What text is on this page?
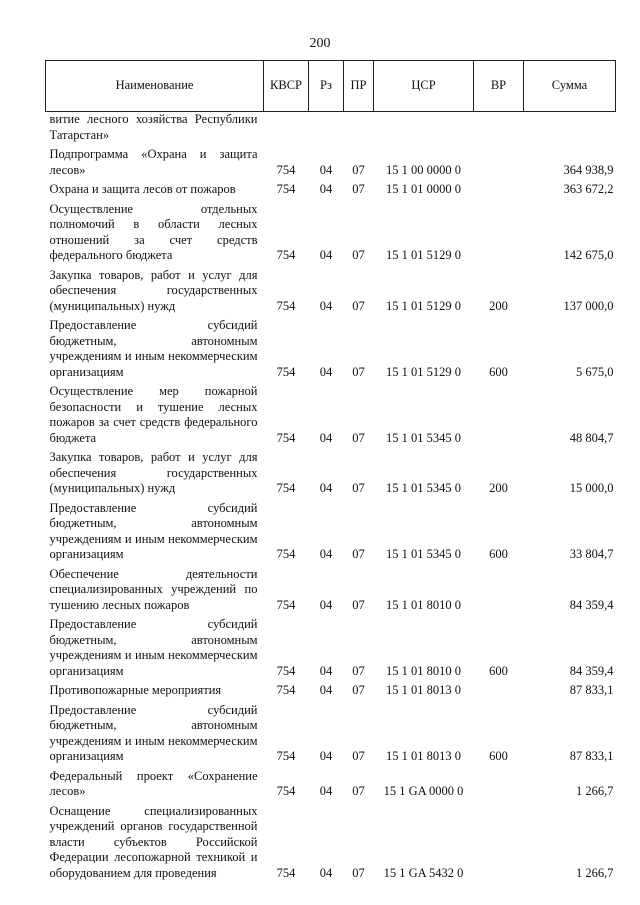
200
Наименование	КВСР	Рз	ПР	ЦСР	ВР	Сумма
витие лесного хозяйства Республики Татарстан»						
Подпрограмма «Охрана и защита лесов»	754	04	07	15 1 00 0000 0		364 938,9
Охрана и защита лесов от пожаров	754	04	07	15 1 01 0000 0		363 672,2
Осуществление отдельных полномочий в области лесных отношений за счет средств федерального бюджета	754	04	07	15 1 01 5129 0		142 675,0
Закупка товаров, работ и услуг для обеспечения государственных (муниципальных) нужд	754	04	07	15 1 01 5129 0	200	137 000,0
Предоставление субсидий бюджетным, автономным учреждениям и иным некоммерческим организациям	754	04	07	15 1 01 5129 0	600	5 675,0
Осуществление мер пожарной безопасности и тушение лесных пожаров за счет средств федерального бюджета	754	04	07	15 1 01 5345 0		48 804,7
Закупка товаров, работ и услуг для обеспечения государственных (муниципальных) нужд	754	04	07	15 1 01 5345 0	200	15 000,0
Предоставление субсидий бюджетным, автономным учреждениям и иным некоммерческим организациям	754	04	07	15 1 01 5345 0	600	33 804,7
Обеспечение деятельности специализированных учреждений по тушению лесных пожаров	754	04	07	15 1 01 8010 0		84 359,4
Предоставление субсидий бюджетным, автономным учреждениям и иным некоммерческим организациям	754	04	07	15 1 01 8010 0	600	84 359,4
Противопожарные мероприятия	754	04	07	15 1 01 8013 0		87 833,1
Предоставление субсидий бюджетным, автономным учреждениям и иным некоммерческим организациям	754	04	07	15 1 01 8013 0	600	87 833,1
Федеральный проект «Сохранение лесов»	754	04	07	15 1 GA 0000 0		1 266,7
Оснащение специализированных учреждений органов государственной власти субъектов Российской Федерации лесопожарной техникой и оборудованием для проведения	754	04	07	15 1 GA 5432 0		1 266,7
